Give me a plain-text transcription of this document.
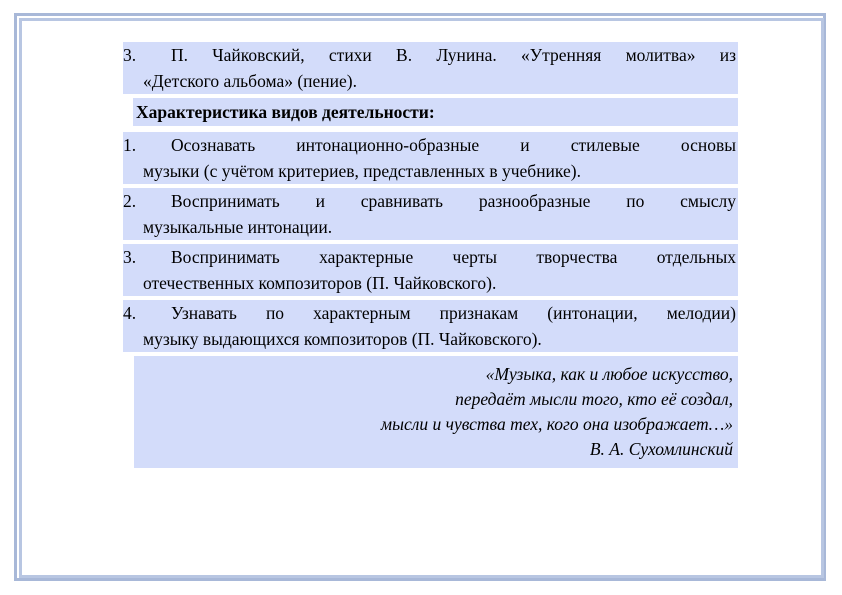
3. П. Чайковский, стихи В. Лунина. «Утренняя молитва» из
«Детского альбома» (пение).
Характеристика видов деятельности:
1. Осознавать интонационно-образные и стилевые основы
музыки (с учётом критериев, представленных в учебнике).
2. Воспринимать и сравнивать разнообразные по смыслу
музыкальные интонации.
3. Воспринимать характерные черты творчества отдельных
отечественных композиторов (П. Чайковского).
4. Узнавать по характерным признакам (интонации, мелодии)
музыку выдающихся композиторов (П. Чайковского).
«Музыка, как и любое искусство,
передаёт мысли того, кто её создал,
мысли и чувства тех, кого она изображает…»
В. А. Сухомлинский
